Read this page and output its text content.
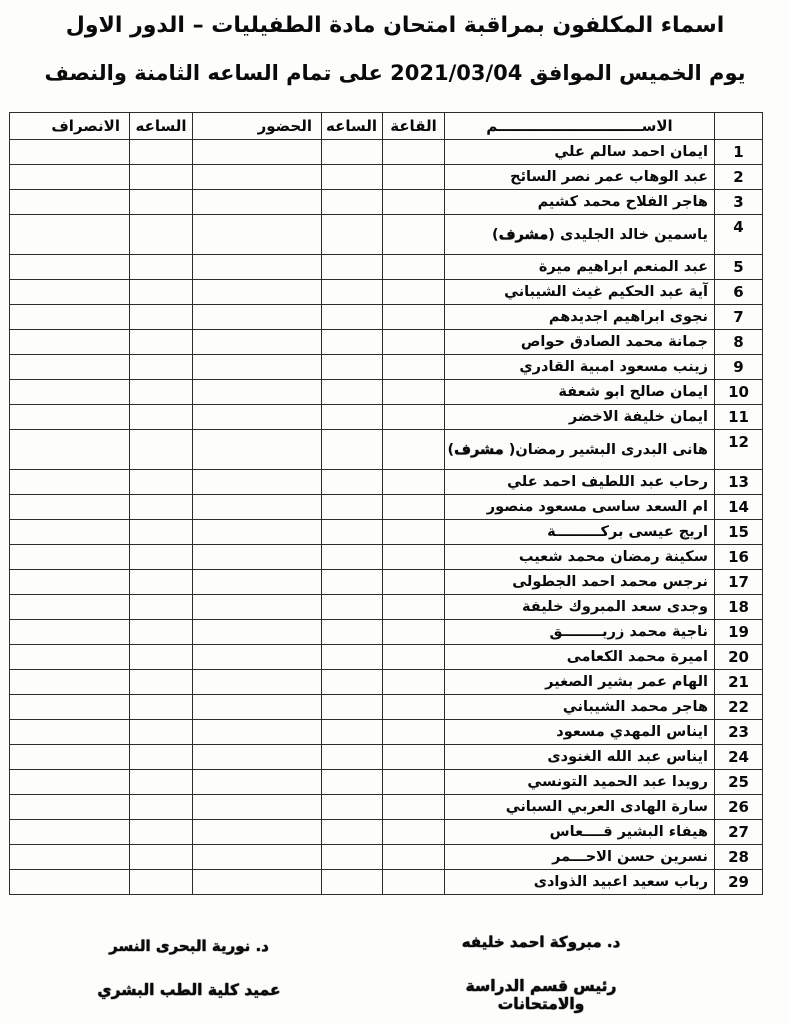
اسماء المكلفون بمراقبة امتحان مادة الطفيليات – الدور الاول
يوم الخميس الموافق 2021/03/04 على تمام الساعه الثامنة والنصف
	الاســــــــــــــــــــــــــــم	القاعة	الساعه	الحضور	الساعه	الانصراف
1	ايمان احمد سالم علي					
2	عبد الوهاب عمر نصر السائح					
3	هاجر الفلاح محمد كشيم					
4	ياسمين خالد الجليدى (مشرف)					
5	عبد المنعم ابراهيم ميرة					
6	آية عبد الحكيم غيث الشيباني					
7	نجوى ابراهيم اجديدهم					
8	جمانة محمد الصادق حواص					
9	زينب مسعود امبية القادري					
10	ايمان صالح ابو شعفة					
11	ايمان خليفة الاخضر					
12	هانى البدرى البشير رمضان( مشرف)					
13	رحاب عبد اللطيف احمد علي					
14	ام السعد ساسى مسعود منصور					
15	اريج عيسى بركـــــــــة					
16	سكينة رمضان محمد شعيب					
17	نرجس محمد احمد الجطولى					
18	وجدى سعد المبروك خليفة					
19	ناجية محمد زريــــــــق					
20	اميرة محمد الكعامى					
21	الهام عمر بشير الصغير					
22	هاجر محمد الشيباني					
23	ايناس المهدي مسعود					
24	ايناس عبد الله الغنودى					
25	رويدا عبد الحميد التونسي					
26	سارة الهادى العربي السباني					
27	هيفاء البشير قــــعاس					
28	نسرين حسن الاحـــمر					
29	رباب سعيد اعبيد الذوادى					
د. مبروكة احمد خليفه
رئيس قسم الدراسة والامتحانات
د. نورية البحرى النسر
عميد كلية الطب البشري
